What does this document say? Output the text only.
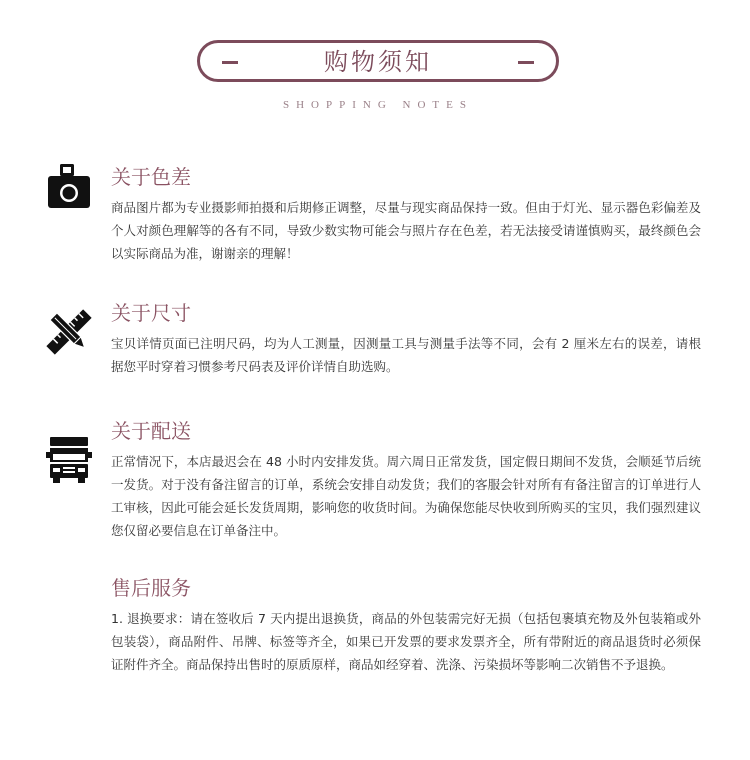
购物须知
SHOPPING NOTES
关于色差

商品图片都为专业摄影师拍摄和后期修正调整，尽量与现实商品保持一致。但由于灯光、显示器色彩偏差及个人对颜色理解等的各有不同，导致少数实物可能会与照片存在色差，若无法接受请谨慎购买，最终颜色会以实际商品为准，谢谢亲的理解！

关于尺寸

宝贝详情页面已注明尺码，均为人工测量，因测量工具与测量手法等不同，会有 2 厘米左右的误差，请根据您平时穿着习惯参考尺码表及评价详情自助选购。

关于配送

正常情况下，本店最迟会在 48 小时内安排发货。周六周日正常发货，国定假日期间不发货，会顺延节后统一发货。对于没有备注留言的订单，系统会安排自动发货；我们的客服会针对所有有备注留言的订单进行人工审核，因此可能会延长发货周期，影响您的收货时间。为确保您能尽快收到所购买的宝贝，我们强烈建议您仅留必要信息在订单备注中。

售后服务

1. 退换要求：请在签收后 7 天内提出退换货，商品的外包装需完好无损（包括包裹填充物及外包装箱或外包装袋），商品附件、吊牌、标签等齐全，如果已开发票的要求发票齐全，所有带附近的商品退货时必须保证附件齐全。商品保持出售时的原质原样，商品如经穿着、洗涤、污染损坏等影响二次销售不予退换。
